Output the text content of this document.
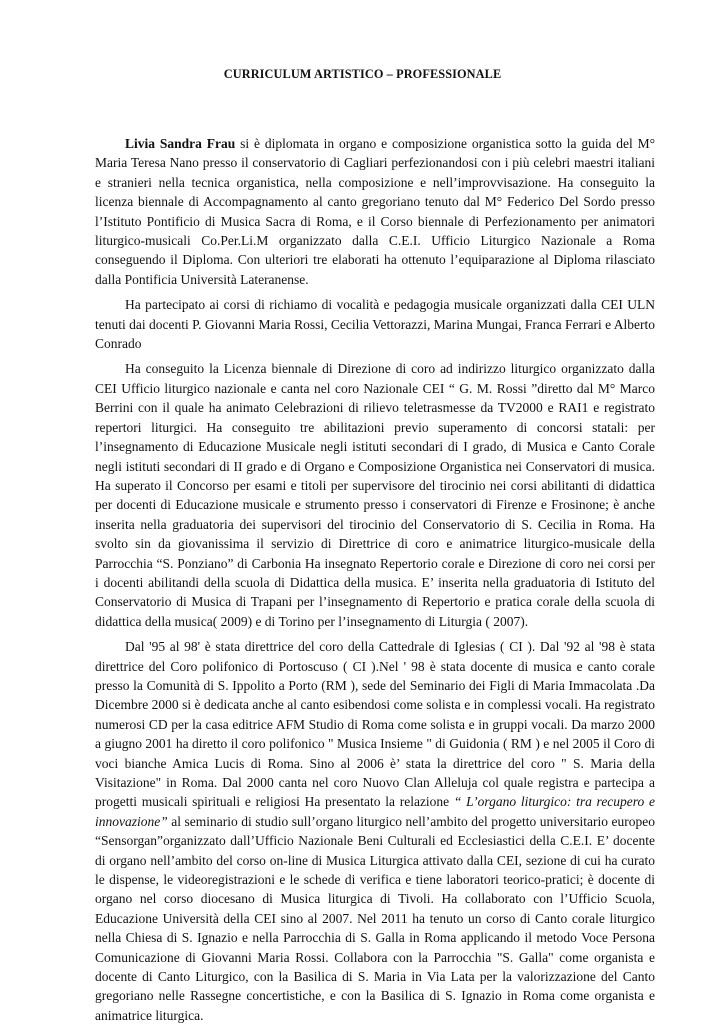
CURRICULUM ARTISTICO – PROFESSIONALE

Livia Sandra Frau si è diplomata in organo e composizione organistica sotto la guida del M° Maria Teresa Nano presso il conservatorio di Cagliari perfezionandosi con i più celebri maestri italiani e stranieri nella tecnica organistica, nella composizione e nell’improvvisazione. Ha conseguito la licenza biennale di Accompagnamento al canto gregoriano tenuto dal M° Federico Del Sordo presso l’Istituto Pontificio di Musica Sacra di Roma, e il Corso biennale di Perfezionamento per animatori liturgico-musicali Co.Per.Li.M organizzato dalla C.E.I. Ufficio Liturgico Nazionale a Roma conseguendo il Diploma. Con ulteriori tre elaborati ha ottenuto l’equiparazione al Diploma rilasciato dalla Pontificia Università Lateranense.

Ha partecipato ai corsi di richiamo di vocalità e pedagogia musicale organizzati dalla CEI ULN tenuti dai docenti P. Giovanni Maria Rossi, Cecilia Vettorazzi, Marina Mungai, Franca Ferrari e Alberto Conrado

Ha conseguito la Licenza biennale di Direzione di coro ad indirizzo liturgico organizzato dalla CEI Ufficio liturgico nazionale e canta nel coro Nazionale CEI “ G. M. Rossi ”diretto dal M° Marco Berrini con il quale ha animato Celebrazioni di rilievo teletrasmesse da TV2000 e RAI1 e registrato repertori liturgici. Ha conseguito tre abilitazioni previo superamento di concorsi statali: per l’insegnamento di Educazione Musicale negli istituti secondari di I grado, di Musica e Canto Corale negli istituti secondari di II grado e di Organo e Composizione Organistica nei Conservatori di musica. Ha superato il Concorso per esami e titoli per supervisore del tirocinio nei corsi abilitanti di didattica per docenti di Educazione musicale e strumento presso i conservatori di Firenze e Frosinone; è anche inserita nella graduatoria dei supervisori del tirocinio del Conservatorio di S. Cecilia in Roma. Ha svolto sin da giovanissima il servizio di Direttrice di coro e animatrice liturgico-musicale della Parrocchia “S. Ponziano” di Carbonia Ha insegnato Repertorio corale e Direzione di coro nei corsi per i docenti abilitandi della scuola di Didattica della musica. E’ inserita nella graduatoria di Istituto del Conservatorio di Musica di Trapani per l’insegnamento di Repertorio e pratica corale della scuola di didattica della musica( 2009) e di Torino per l’insegnamento di Liturgia ( 2007).

Dal '95 al 98' è stata direttrice del coro della Cattedrale di Iglesias ( CI ). Dal '92 al '98 è stata direttrice del Coro polifonico di Portoscuso ( CI ).Nel ' 98 è stata docente di musica e canto corale presso la Comunità di S. Ippolito a Porto (RM ), sede del Seminario dei Figli di Maria Immacolata .Da Dicembre 2000 si è dedicata anche al canto esibendosi come solista e in complessi vocali. Ha registrato numerosi CD per la casa editrice AFM Studio di Roma come solista e in gruppi vocali. Da marzo 2000 a giugno 2001 ha diretto il coro polifonico " Musica Insieme " di Guidonia ( RM ) e nel 2005 il Coro di voci bianche Amica Lucis di Roma. Sino al 2006 è’ stata la direttrice del coro " S. Maria della Visitazione" in Roma. Dal 2000 canta nel coro Nuovo Clan Alleluja col quale registra e partecipa a progetti musicali spirituali e religiosi Ha presentato la relazione “ L’organo liturgico: tra recupero e innovazione” al seminario di studio sull’organo liturgico nell’ambito del progetto universitario europeo “Sensorgan”organizzato dall’Ufficio Nazionale Beni Culturali ed Ecclesiastici della C.E.I. E’ docente di organo nell’ambito del corso on-line di Musica Liturgica attivato dalla CEI, sezione di cui ha curato le dispense, le videoregistrazioni e le schede di verifica e tiene laboratori teorico-pratici; è docente di organo nel corso diocesano di Musica liturgica di Tivoli. Ha collaborato con l’Ufficio Scuola, Educazione Università della CEI sino al 2007. Nel 2011 ha tenuto un corso di Canto corale liturgico nella Chiesa di S. Ignazio e nella Parrocchia di S. Galla in Roma applicando il metodo Voce Persona Comunicazione di Giovanni Maria Rossi. Collabora con la Parrocchia "S. Galla" come organista e docente di Canto Liturgico, con la Basilica di S. Maria in Via Lata per la valorizzazione del Canto gregoriano nelle Rassegne concertistiche, e con la Basilica di S. Ignazio in Roma come organista e animatrice liturgica.
